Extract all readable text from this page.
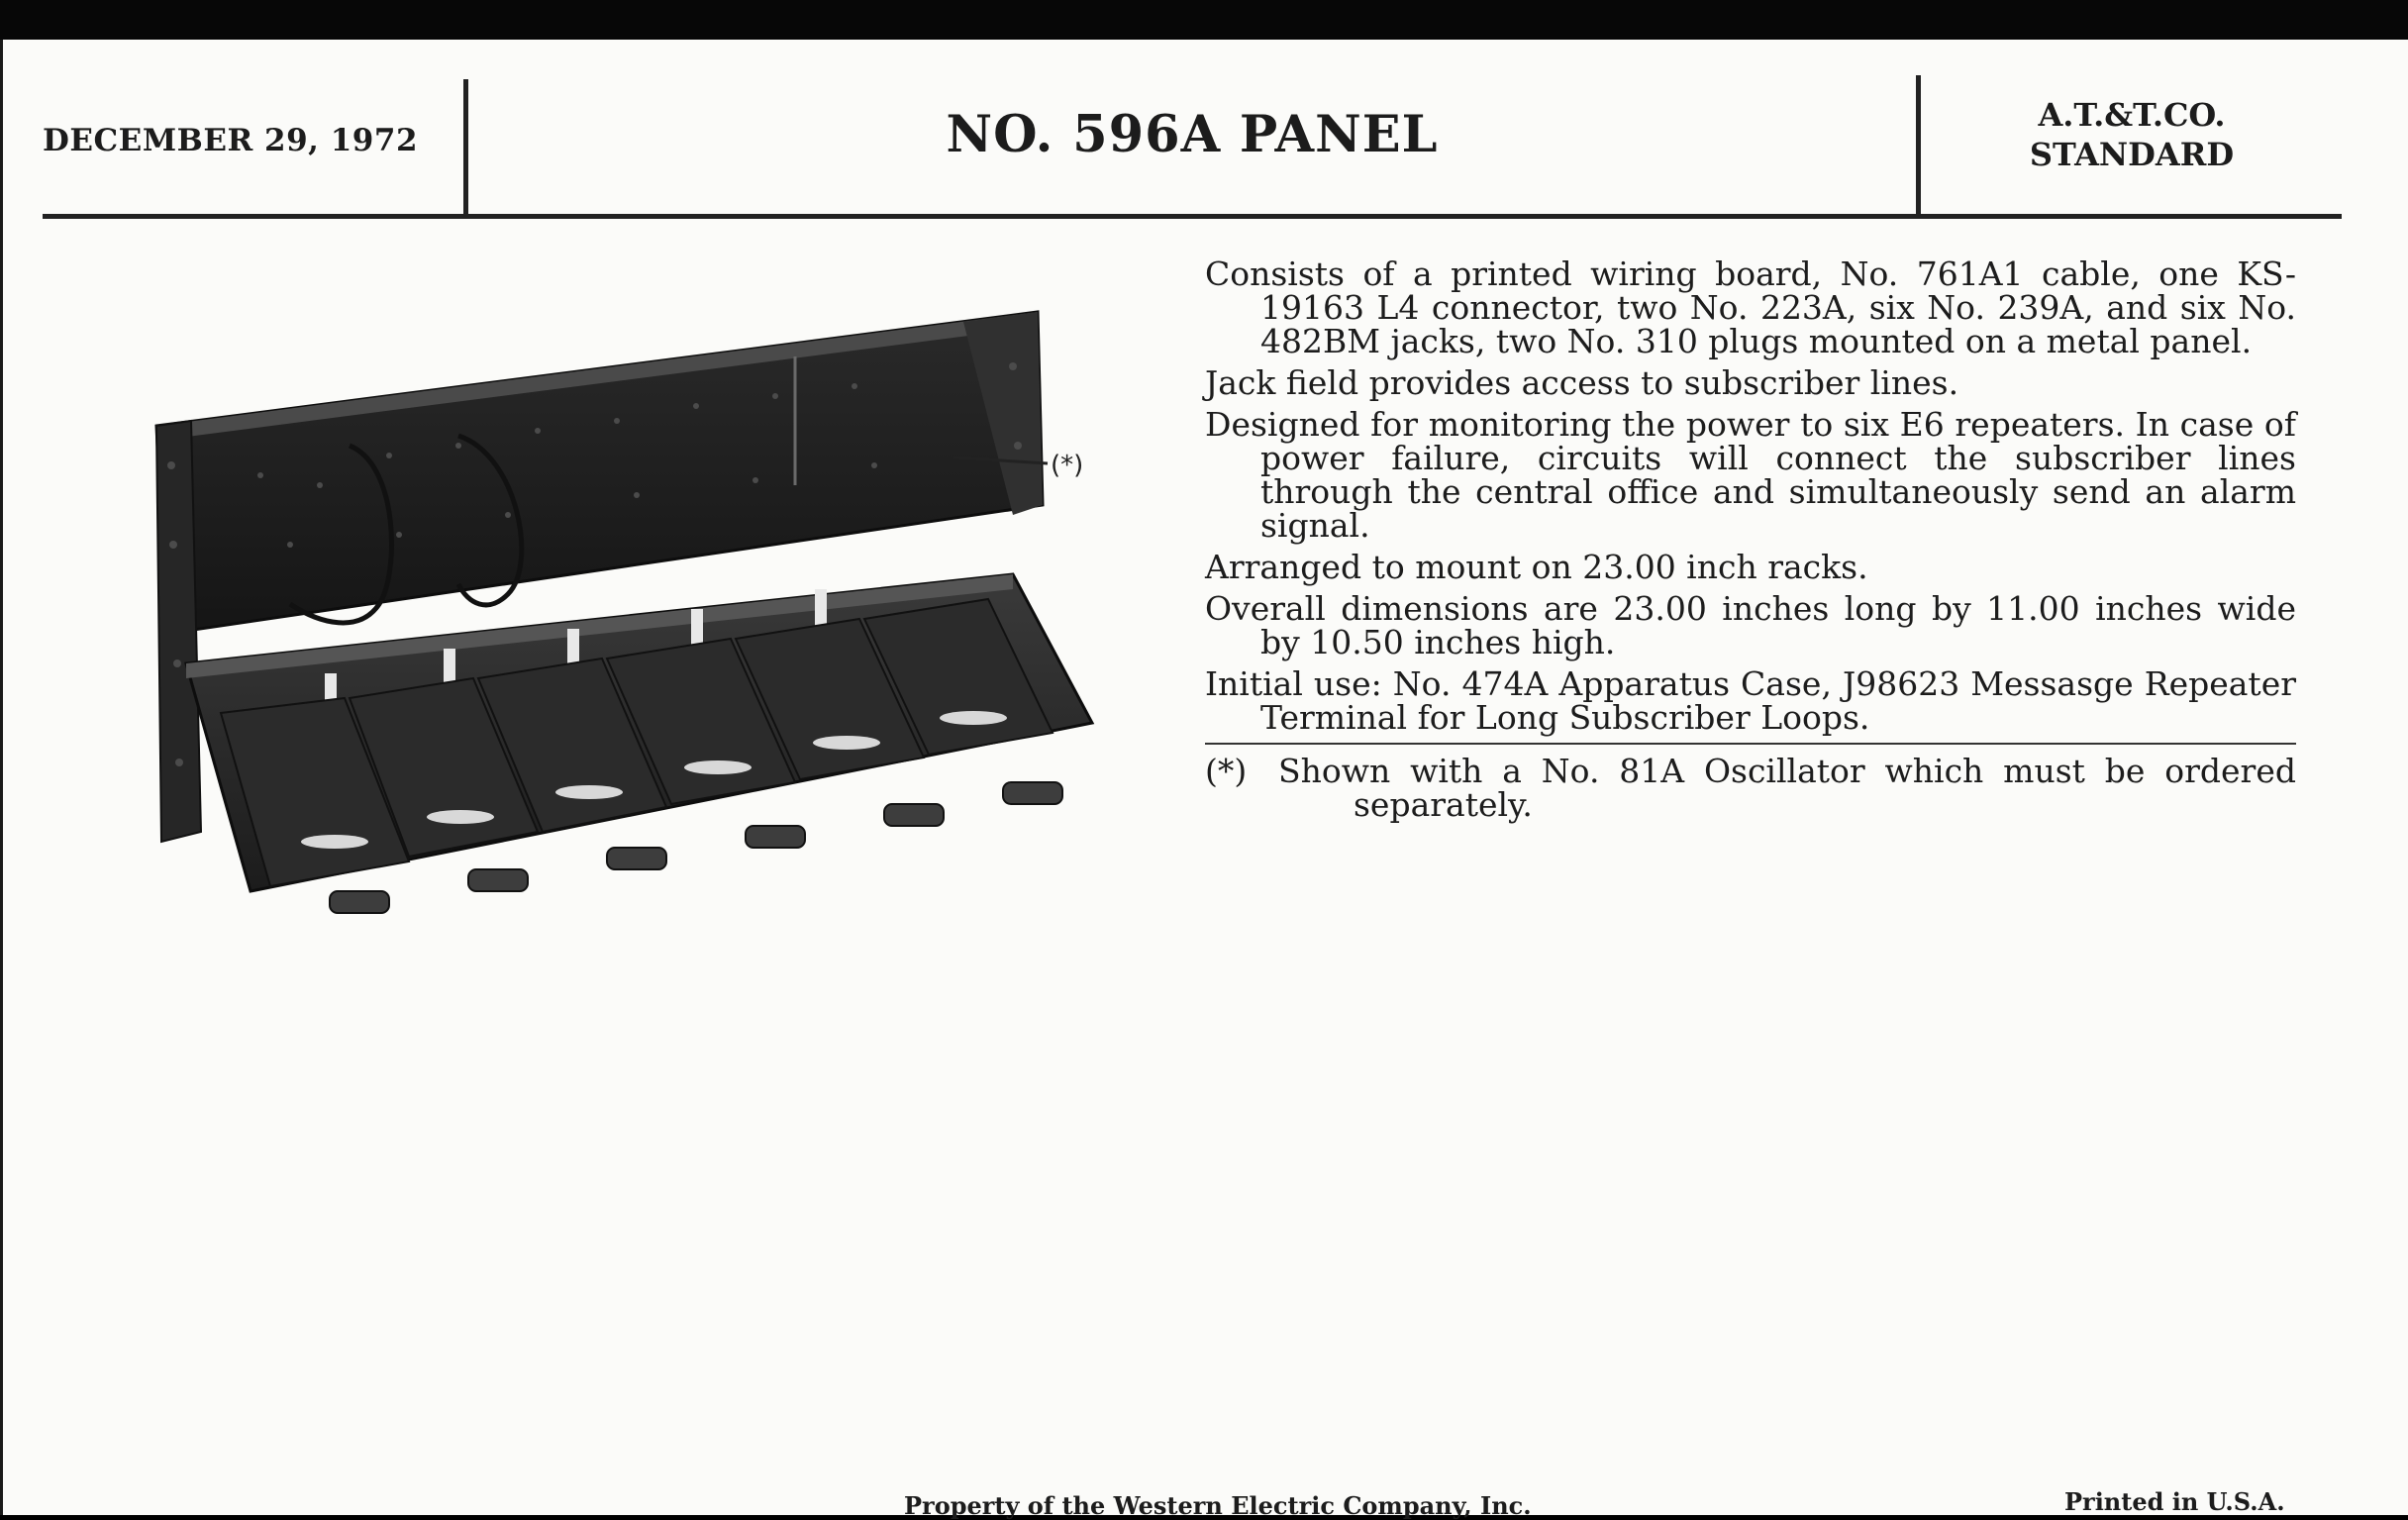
DECEMBER 29, 1972	NO. 596A PANEL	A.T.&T.CO.
STANDARD
(*)

Consists of a printed wiring board, No. 761A1 cable, one KS-19163 L4 connector, two No. 223A, six No. 239A, and six No. 482BM jacks, two No. 310 plugs mounted on a metal panel.

Jack field provides access to subscriber lines.

Designed for monitoring the power to six E6 repeaters. In case of power failure, circuits will connect the subscriber lines through the central office and simultaneously send an alarm signal.

Arranged to mount on 23.00 inch racks.

Overall dimensions are 23.00 inches long by 11.00 inches wide by 10.50 inches high.

Initial use: No. 474A Apparatus Case, J98623 Messasge Repeater Terminal for Long Subscriber Loops.

(*) Shown with a No. 81A Oscillator which must be ordered separately.
Property of the Western Electric Company, Inc.	Printed in U.S.A.
